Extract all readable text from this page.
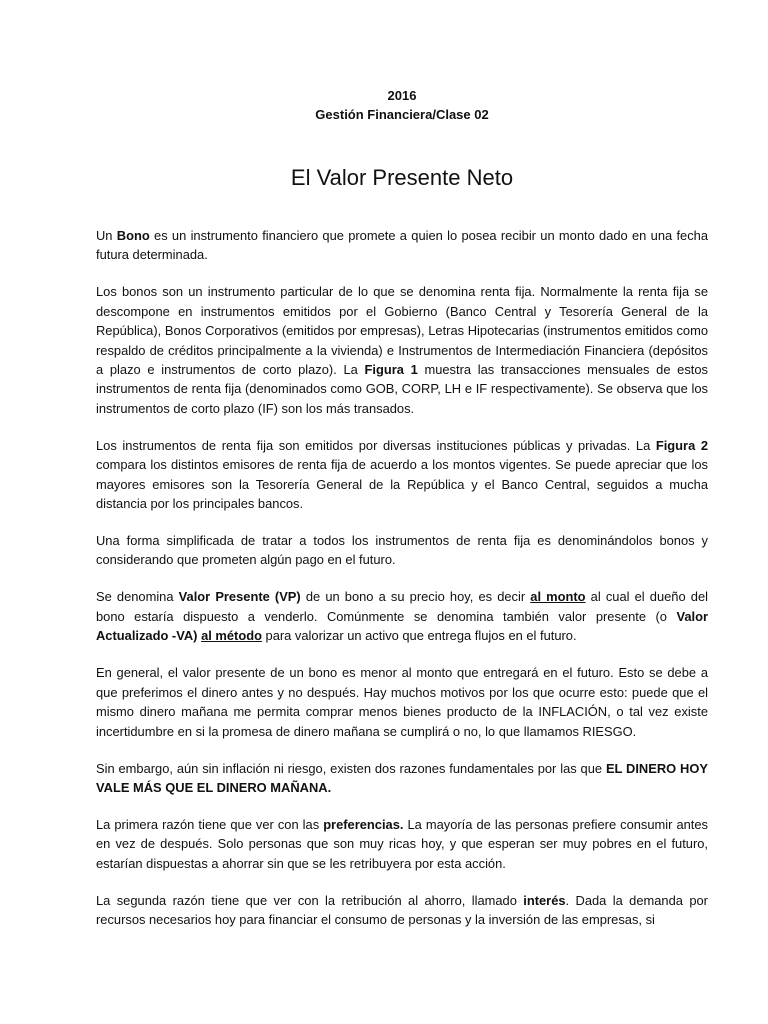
2016
Gestión Financiera/Clase 02
El Valor Presente Neto

Un Bono es un instrumento financiero que promete a quien lo posea recibir un monto dado en una fecha futura determinada.

Los bonos son un instrumento particular de lo que se denomina renta fija. Normalmente la renta fija se descompone en instrumentos emitidos por el Gobierno (Banco Central y Tesorería General de la República), Bonos Corporativos (emitidos por empresas), Letras Hipotecarias (instrumentos emitidos como respaldo de créditos principalmente a la vivienda) e Instrumentos de Intermediación Financiera (depósitos a plazo e instrumentos de corto plazo). La Figura 1 muestra las transacciones mensuales de estos instrumentos de renta fija (denominados como GOB, CORP, LH e IF respectivamente). Se observa que los instrumentos de corto plazo (IF) son los más transados.

Los instrumentos de renta fija son emitidos por diversas instituciones públicas y privadas. La Figura 2 compara los distintos emisores de renta fija de acuerdo a los montos vigentes. Se puede apreciar que los mayores emisores son la Tesorería General de la República y el Banco Central, seguidos a mucha distancia por los principales bancos.

Una forma simplificada de tratar a todos los instrumentos de renta fija es denominándolos bonos y considerando que prometen algún pago en el futuro.

Se denomina Valor Presente (VP) de un bono a su precio hoy, es decir al monto al cual el dueño del bono estaría dispuesto a venderlo. Comúnmente se denomina también valor presente (o Valor Actualizado -VA) al método para valorizar un activo que entrega flujos en el futuro.

En general, el valor presente de un bono es menor al monto que entregará en el futuro. Esto se debe a que preferimos el dinero antes y no después. Hay muchos motivos por los que ocurre esto: puede que el mismo dinero mañana me permita comprar menos bienes producto de la INFLACIÓN, o tal vez existe incertidumbre en si la promesa de dinero mañana se cumplirá o no, lo que llamamos RIESGO.

Sin embargo, aún sin inflación ni riesgo, existen dos razones fundamentales por las que EL DINERO HOY VALE MÁS QUE EL DINERO MAÑANA.

La primera razón tiene que ver con las preferencias. La mayoría de las personas prefiere consumir antes en vez de después. Solo personas que son muy ricas hoy, y que esperan ser muy pobres en el futuro, estarían dispuestas a ahorrar sin que se les retribuyera por esta acción.

La segunda razón tiene que ver con la retribución al ahorro, llamado interés. Dada la demanda por recursos necesarios hoy para financiar el consumo de personas y la inversión de las empresas, si
